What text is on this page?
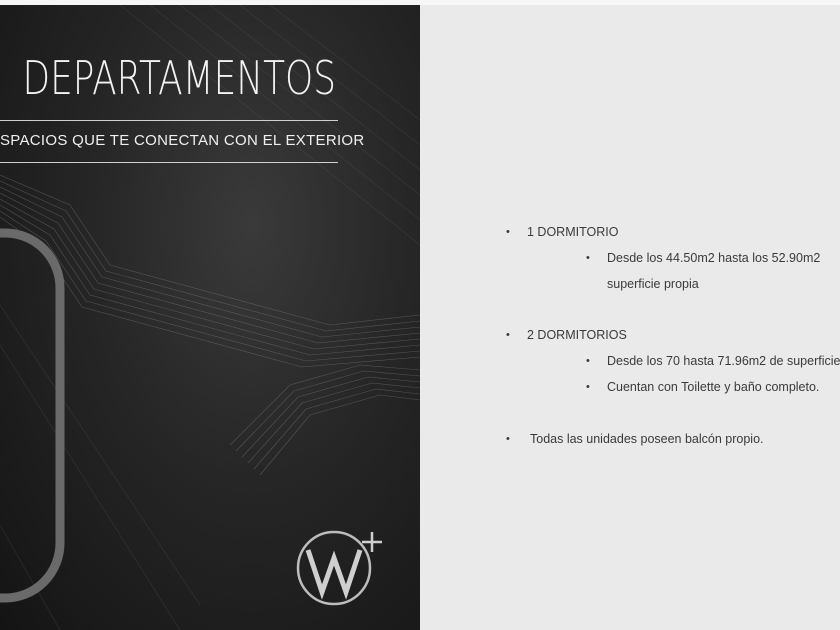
DEPARTAMENTOS
SPACIOS QUE TE CONECTAN CON EL EXTERIOR
• 1 DORMITORIO
• Desde los 44.50m2 hasta los 52.90m2
superficie propia
• 2 DORMITORIOS
• Desde los 70 hasta 71.96m2 de superficie
• Cuentan con Toilette y baño completo.
• Todas las unidades poseen balcón propio.
